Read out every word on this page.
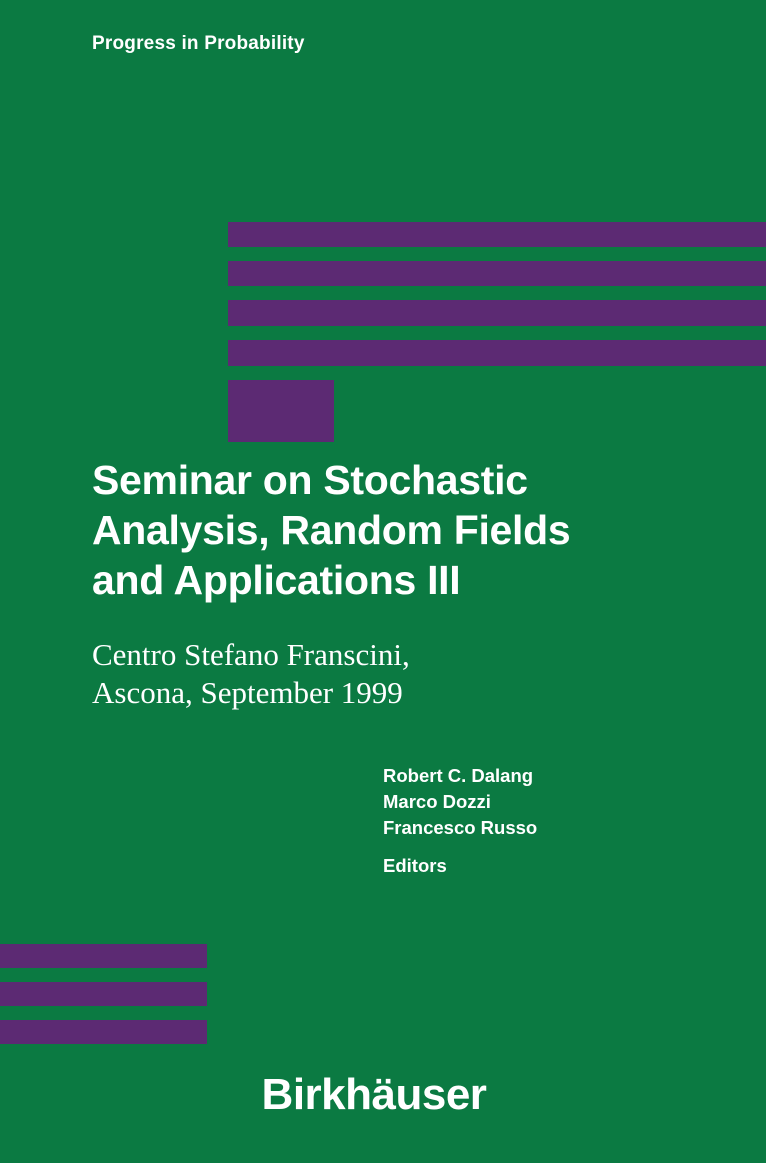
Progress in Probability
Seminar on Stochastic
Analysis, Random Fields
and Applications III
Centro Stefano Franscini,
Ascona, September 1999
Robert C. Dalang
Marco Dozzi
Francesco Russo
Editors
Birkhäuser
